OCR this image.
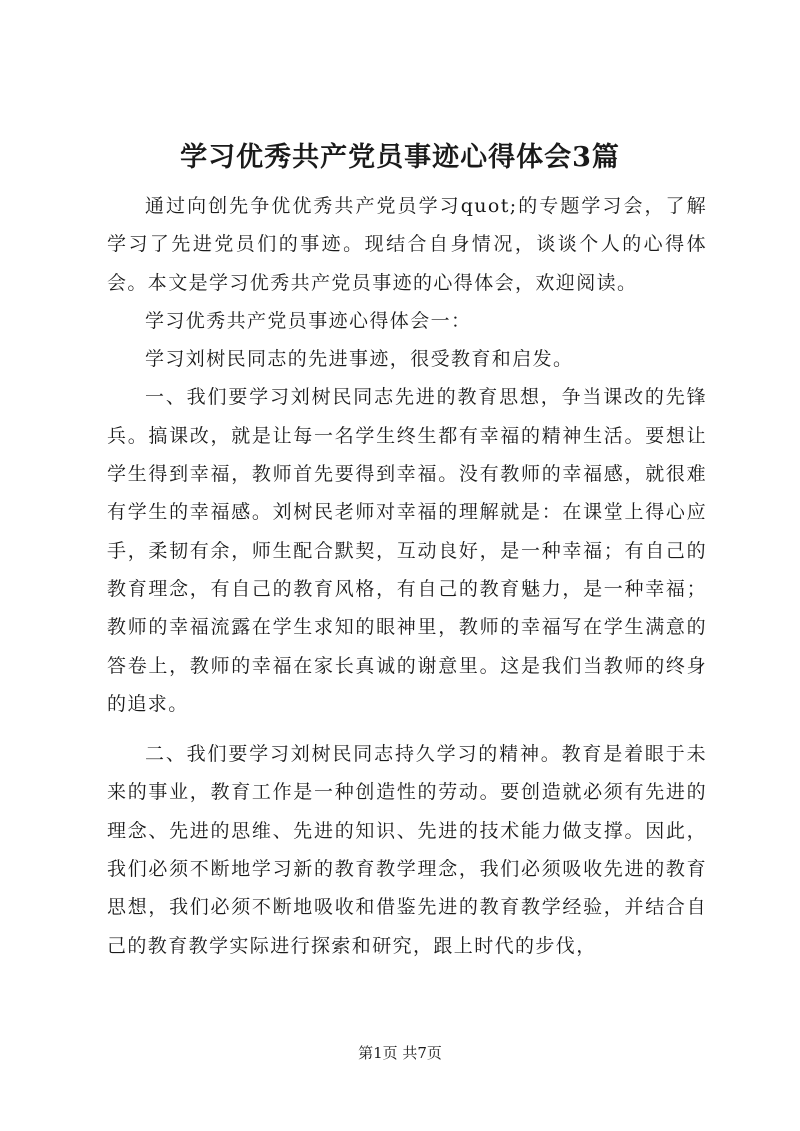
学习优秀共产党员事迹心得体会3篇

通过向创先争优优秀共产党员学习quot;的专题学习会，了解学习了先进党员们的事迹。现结合自身情况，谈谈个人的心得体会。本文是学习优秀共产党员事迹的心得体会，欢迎阅读。

学习优秀共产党员事迹心得体会一：

学习刘树民同志的先进事迹，很受教育和启发。

一、我们要学习刘树民同志先进的教育思想，争当课改的先锋兵。搞课改，就是让每一名学生终生都有幸福的精神生活。要想让学生得到幸福，教师首先要得到幸福。没有教师的幸福感，就很难有学生的幸福感。刘树民老师对幸福的理解就是：在课堂上得心应手，柔韧有余，师生配合默契，互动良好，是一种幸福；有自己的教育理念，有自己的教育风格，有自己的教育魅力，是一种幸福；教师的幸福流露在学生求知的眼神里，教师的幸福写在学生满意的答卷上，教师的幸福在家长真诚的谢意里。这是我们当教师的终身的追求。

二、我们要学习刘树民同志持久学习的精神。教育是着眼于未来的事业，教育工作是一种创造性的劳动。要创造就必须有先进的理念、先进的思维、先进的知识、先进的技术能力做支撑。因此，我们必须不断地学习新的教育教学理念，我们必须吸收先进的教育思想，我们必须不断地吸收和借鉴先进的教育教学经验，并结合自己的教育教学实际进行探索和研究，跟上时代的步伐，

第1页 共7页
